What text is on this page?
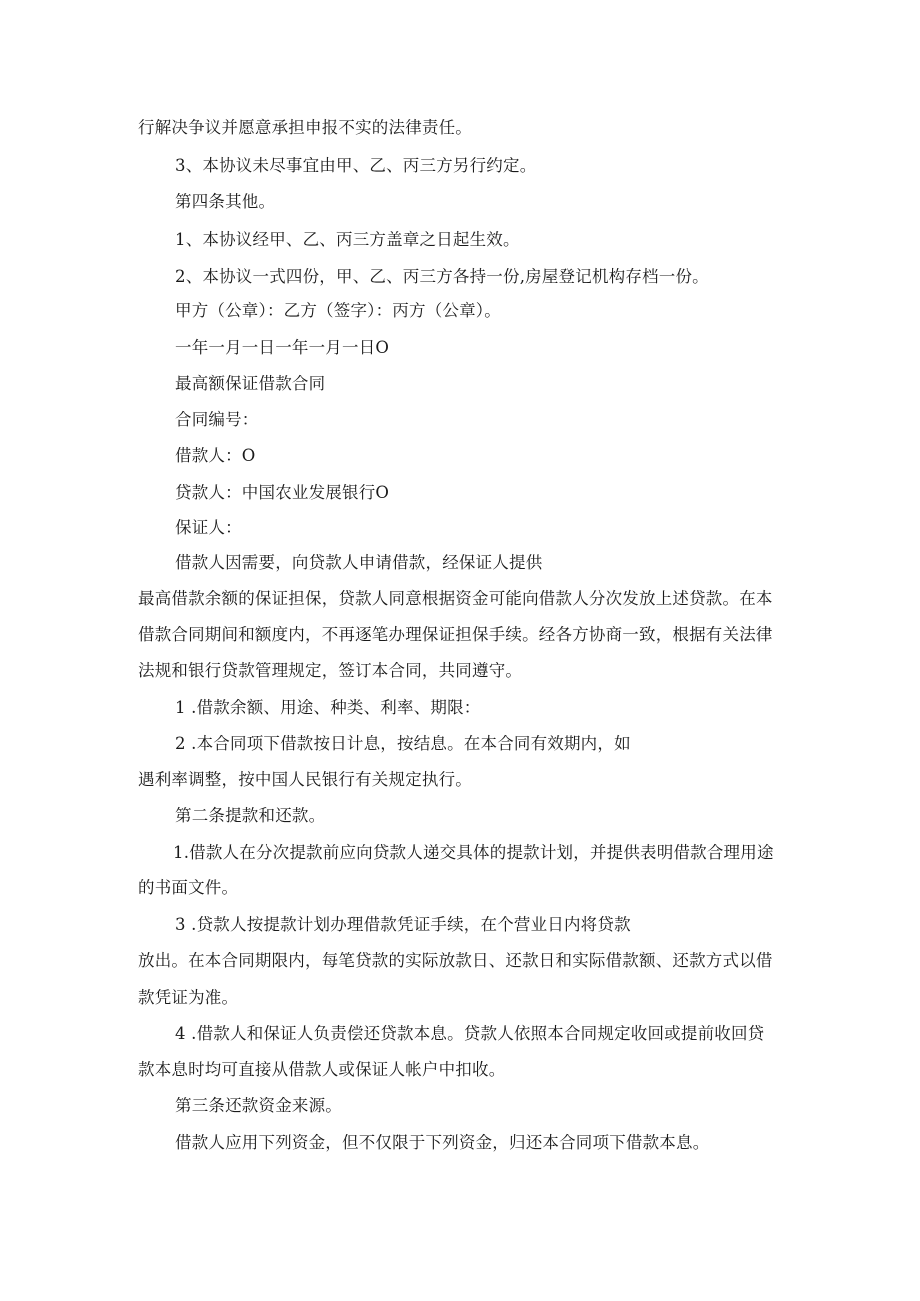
行解决争议并愿意承担申报不实的法律责任。
3、本协议未尽事宜由甲、乙、丙三方另行约定。
第四条其他。
1、本协议经甲、乙、丙三方盖章之日起生效。
2、本协议一式四份，甲、乙、丙三方各持一份,房屋登记机构存档一份。
甲方（公章）：乙方（签字）：丙方（公章）。
一年一月一日一年一月一日O
最高额保证借款合同
合同编号：
借款人：O
贷款人：中国农业发展银行O
保证人：
借款人因需要，向贷款人申请借款，经保证人提供
最高借款余额的保证担保，贷款人同意根据资金可能向借款人分次发放上述贷款。在本
借款合同期间和额度内，不再逐笔办理保证担保手续。经各方协商一致，根据有关法律
法规和银行贷款管理规定，签订本合同，共同遵守。
1 .借款余额、用途、种类、利率、期限：
2 .本合同项下借款按日计息，按结息。在本合同有效期内，如
遇利率调整，按中国人民银行有关规定执行。
第二条提款和还款。
1.借款人在分次提款前应向贷款人递交具体的提款计划，并提供表明借款合理用途
的书面文件。
3 .贷款人按提款计划办理借款凭证手续，在个营业日内将贷款
放出。在本合同期限内，每笔贷款的实际放款日、还款日和实际借款额、还款方式以借
款凭证为准。
4 .借款人和保证人负责偿还贷款本息。贷款人依照本合同规定收回或提前收回贷
款本息时均可直接从借款人或保证人帐户中扣收。
第三条还款资金来源。
借款人应用下列资金，但不仅限于下列资金，归还本合同项下借款本息。
